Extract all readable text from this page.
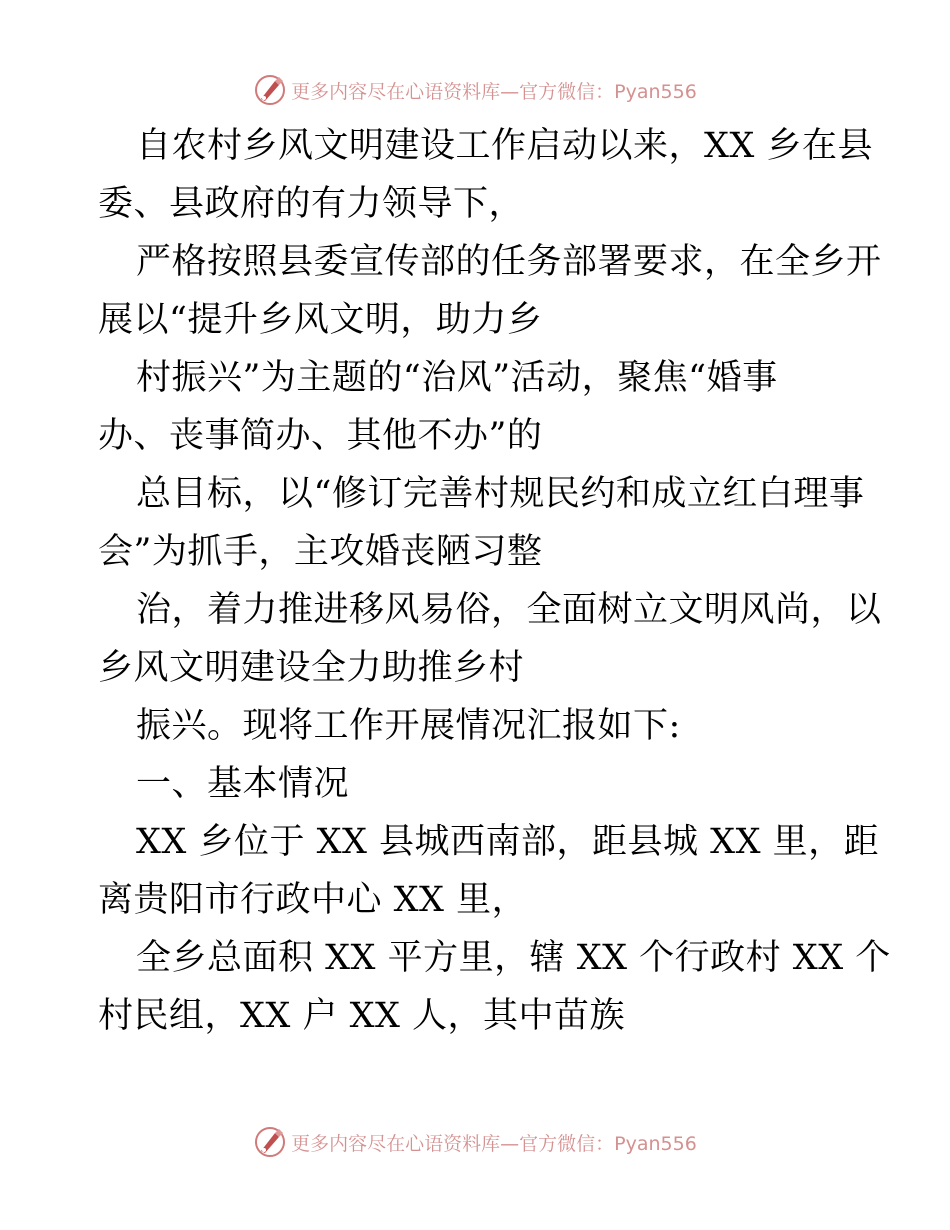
更多内容尽在心语资料库—官方微信：Pyan556
自农村乡风文明建设工作启动以来，XX 乡在县
委、县政府的有力领导下，
严格按照县委宣传部的任务部署要求，在全乡开
展以“提升乡风文明，助力乡
村振兴”为主题的“治风”活动，聚焦“婚事
办、丧事简办、其他不办”的
总目标，以“修订完善村规民约和成立红白理事
会”为抓手，主攻婚丧陋习整
治，着力推进移风易俗，全面树立文明风尚，以
乡风文明建设全力助推乡村
振兴。现将工作开展情况汇报如下:
一、基本情况
XX 乡位于 XX 县城西南部，距县城 XX 里，距
离贵阳市行政中心 XX 里，
全乡总面积 XX 平方里，辖 XX 个行政村 XX 个
村民组，XX 户 XX 人，其中苗族
更多内容尽在心语资料库—官方微信：Pyan556
